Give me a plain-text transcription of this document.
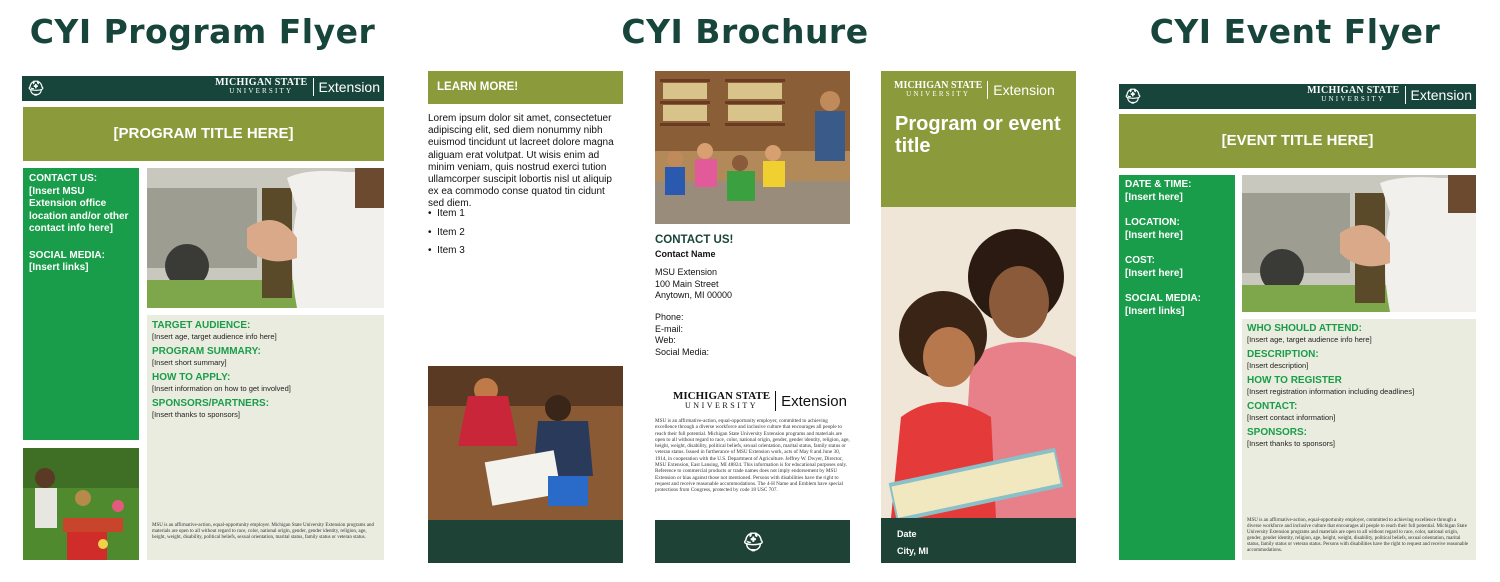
CYI Program Flyer	CYI Brochure	CYI Event Flyer
⛑	MICHIGAN STATE
UNIVERSITY	Extension
[PROGRAM TITLE HERE]
CONTACT US:
[Insert MSU Extension office location and/or other contact info here]
SOCIAL MEDIA:
[Insert links]
TARGET AUDIENCE:
[Insert age, target audience info here]
PROGRAM SUMMARY:
[Insert short summary]
HOW TO APPLY:
[Insert information on how to get involved]
SPONSORS/PARTNERS:
[Insert thanks to sponsors]
MSU is an affirmative-action, equal-opportunity employer. Michigan State University Extension programs and materials are open to all without regard to race, color, national origin, gender, gender identity, religion, age, height, weight, disability, political beliefs, sexual orientation, marital status, family status or veteran status.
LEARN MORE!
Lorem ipsum dolor sit amet, consectetuer adipiscing elit, sed diem nonummy nibh euismod tincidunt ut lacreet dolore magna aliguam erat volutpat. Ut wisis enim ad minim veniam, quis nostrud exerci tution ullamcorper suscipit lobortis nisl ut aliquip ex ea commodo conse quatod tin cidunt sed diem.
•  Item 1
•  Item 2
•  Item 3
CONTACT US!
Contact Name
MSU Extension
100 Main Street
Anytown, MI 00000
Phone:
E-mail:
Web:
Social Media:
MICHIGAN STATE
UNIVERSITY	Extension
MSU is an affirmative-action, equal-opportunity employer, committed to achieving excellence through a diverse workforce and inclusive culture that encourages all people to reach their full potential. Michigan State University Extension programs and materials are open to all without regard to race, color, national origin, gender, gender identity, religion, age, height, weight, disability, political beliefs, sexual orientation, marital status, family status or veteran status. Issued in furtherance of MSU Extension work, acts of May 8 and June 30, 1914, in cooperation with the U.S. Department of Agriculture. Jeffrey W. Dwyer, Director, MSU Extension, East Lansing, MI 48824. This information is for educational purposes only. Reference to commercial products or trade names does not imply endorsement by MSU Extension or bias against those not mentioned. Persons with disabilities have the right to request and receive reasonable accommodations. The 4-H Name and Emblem have special protections from Congress, protected by code 18 USC 707.
⛑
MICHIGAN STATE
UNIVERSITY	Extension
Program or event title
Date
City, MI
⛑	MICHIGAN STATE
UNIVERSITY	Extension
[EVENT TITLE HERE]
DATE & TIME:
[Insert here]
LOCATION:
[Insert here]
COST:
[Insert here]
SOCIAL MEDIA:
[Insert links]
WHO SHOULD ATTEND:
[Insert age, target audience info here]
DESCRIPTION:
[Insert description]
HOW TO REGISTER
[Insert registration information including deadlines]
CONTACT:
[Insert contact information]
SPONSORS:
[Insert thanks to sponsors]
MSU is an affirmative-action, equal-opportunity employer, committed to achieving excellence through a diverse workforce and inclusive culture that encourages all people to reach their full potential. Michigan State University Extension programs and materials are open to all without regard to race, color, national origin, gender, gender identity, religion, age, height, weight, disability, political beliefs, sexual orientation, marital status, family status or veteran status. Persons with disabilities have the right to request and receive reasonable accommodations.
